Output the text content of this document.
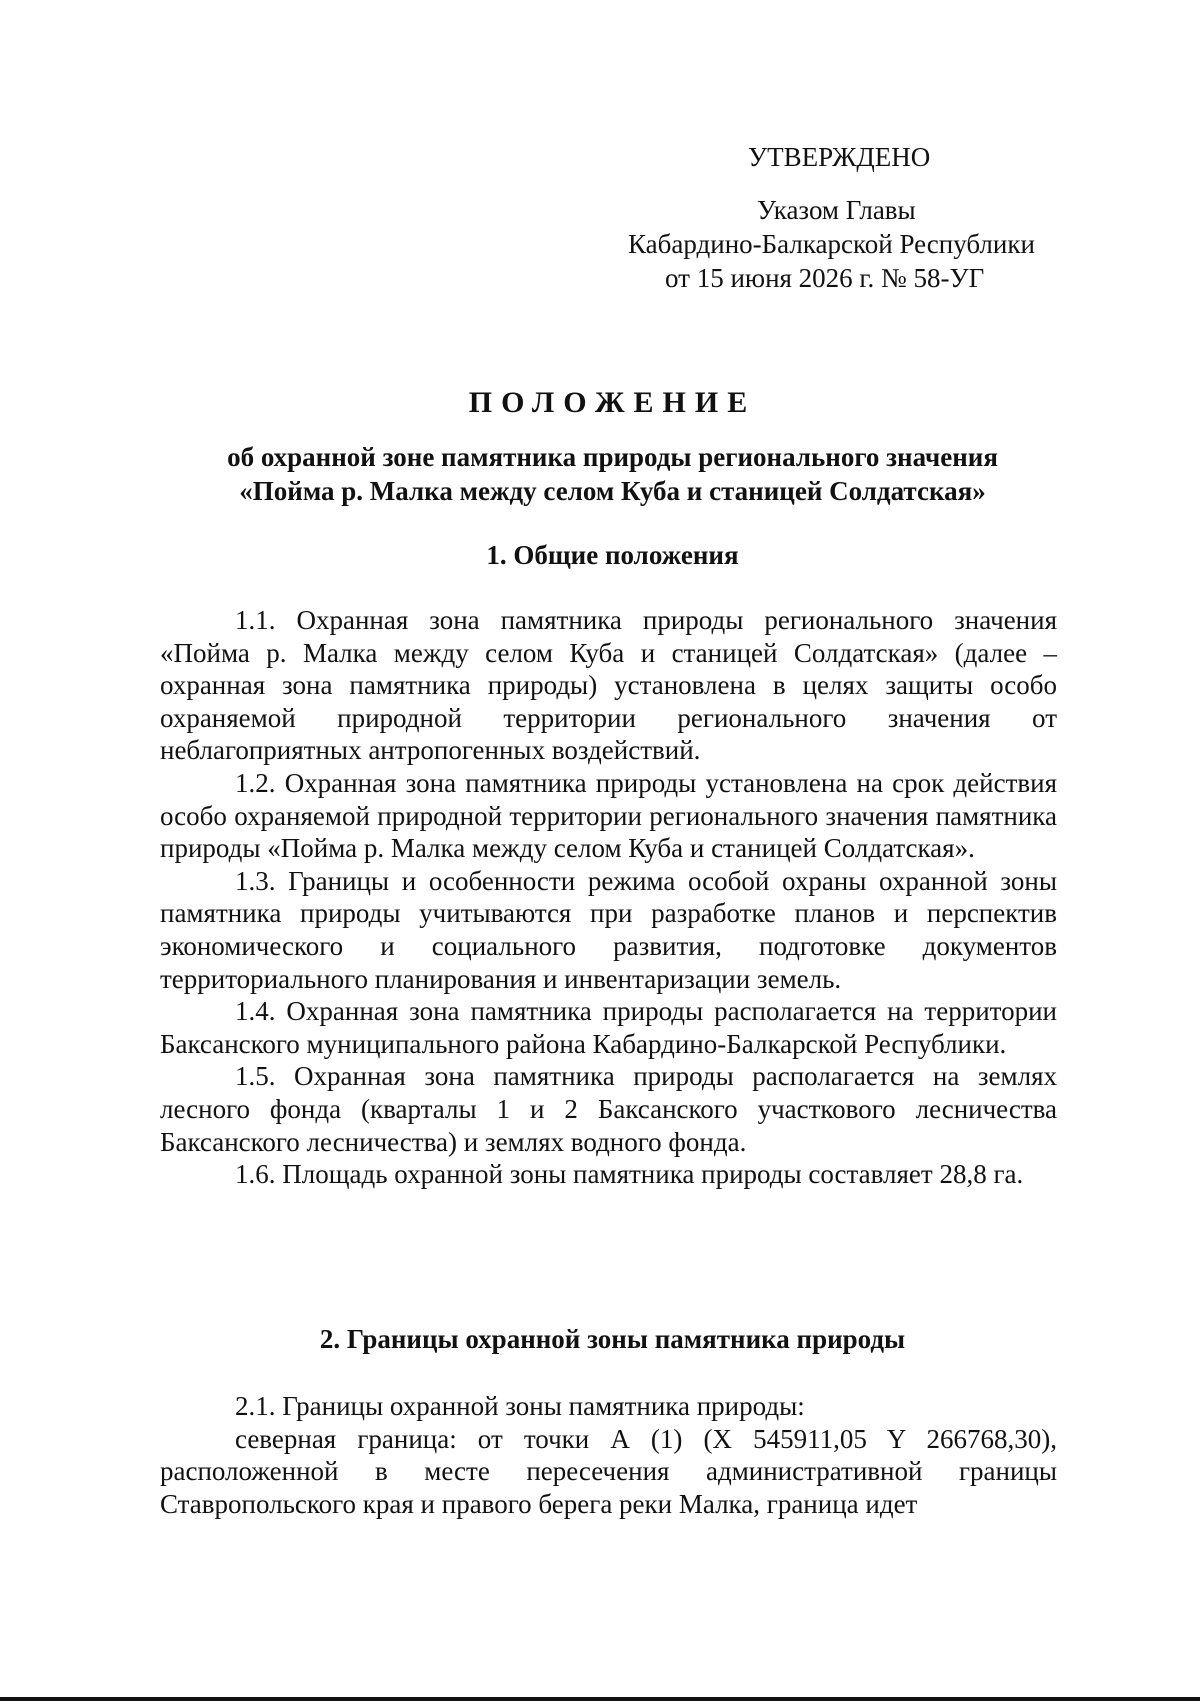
УТВЕРЖДЕНО
Указом Главы
Кабардино-Балкарской Республики
от 15 июня 2026 г. № 58-УГ
ПОЛОЖЕНИЕ
об охранной зоне памятника природы регионального значения
«Пойма р. Малка между селом Куба и станицей Солдатская»
1. Общие положения

1.1. Охранная зона памятника природы регионального значения «Пойма р. Малка между селом Куба и станицей Солдатская» (далее – охранная зона памятника природы) установлена в целях защиты особо охраняемой природной территории регионального значения от неблагоприятных антропогенных воздействий.

1.2. Охранная зона памятника природы установлена на срок действия особо охраняемой природной территории регионального значения памятника природы «Пойма р. Малка между селом Куба и станицей Солдатская».

1.3. Границы и особенности режима особой охраны охранной зоны памятника природы учитываются при разработке планов и перспектив экономического и социального развития, подготовке документов территориального планирования и инвентаризации земель.

1.4. Охранная зона памятника природы располагается на территории Баксанского муниципального района Кабардино-Балкарской Республики.

1.5. Охранная зона памятника природы располагается на землях лесного фонда (кварталы 1 и 2 Баксанского участкового лесничества Баксанского лесничества) и землях водного фонда.

1.6. Площадь охранной зоны памятника природы составляет 28,8 га.

2. Границы охранной зоны памятника природы

2.1. Границы охранной зоны памятника природы:

северная граница: от точки А (1) (X 545911,05 Y 266768,30), расположенной в месте пересечения административной границы Ставропольского края и правого берега реки Малка, граница идет
